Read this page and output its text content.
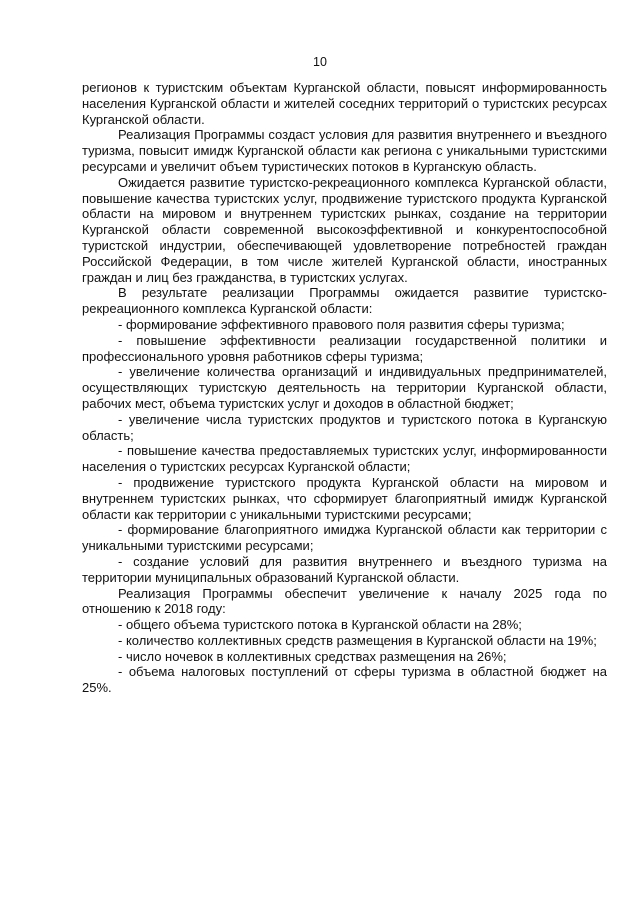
10

регионов к туристским объектам Курганской области, повысят информированность населения Курганской области и жителей соседних территорий о туристских ресурсах Курганской области.

Реализация Программы создаст условия для развития внутреннего и въездного туризма, повысит имидж Курганской области как региона с уникальными туристскими ресурсами и увеличит объем туристических потоков в Курганскую область.

Ожидается развитие туристско-рекреационного комплекса Курганской области, повышение качества туристских услуг, продвижение туристского продукта Курганской области на мировом и внутреннем туристских рынках, создание на территории Курганской области современной высокоэффективной и конкурентоспособной туристской индустрии, обеспечивающей удовлетворение потребностей граждан Российской Федерации, в том числе жителей Курганской области, иностранных граждан и лиц без гражданства, в туристских услугах.

В результате реализации Программы ожидается развитие туристско-рекреационного комплекса Курганской области:

- формирование эффективного правового поля развития сферы туризма;

- повышение эффективности реализации государственной политики и профессионального уровня работников сферы туризма;

- увеличение количества организаций и индивидуальных предпринимателей, осуществляющих туристскую деятельность на территории Курганской области, рабочих мест, объема туристских услуг и доходов в областной бюджет;

- увеличение числа туристских продуктов и туристского потока в Курганскую область;

- повышение качества предоставляемых туристских услуг, информированности населения о туристских ресурсах Курганской области;

- продвижение туристского продукта Курганской области на мировом и внутреннем туристских рынках, что сформирует благоприятный имидж Курганской области как территории с уникальными туристскими ресурсами;

- формирование благоприятного имиджа Курганской области как территории с уникальными туристскими ресурсами;

- создание условий для развития внутреннего и въездного туризма на территории муниципальных образований Курганской области.

Реализация Программы обеспечит увеличение к началу 2025 года по отношению к 2018 году:

- общего объема туристского потока в Курганской области на 28%;

- количество коллективных средств размещения в Курганской области на 19%;

- число ночевок в коллективных средствах размещения на 26%;

- объема налоговых поступлений от сферы туризма в областной бюджет на 25%.
